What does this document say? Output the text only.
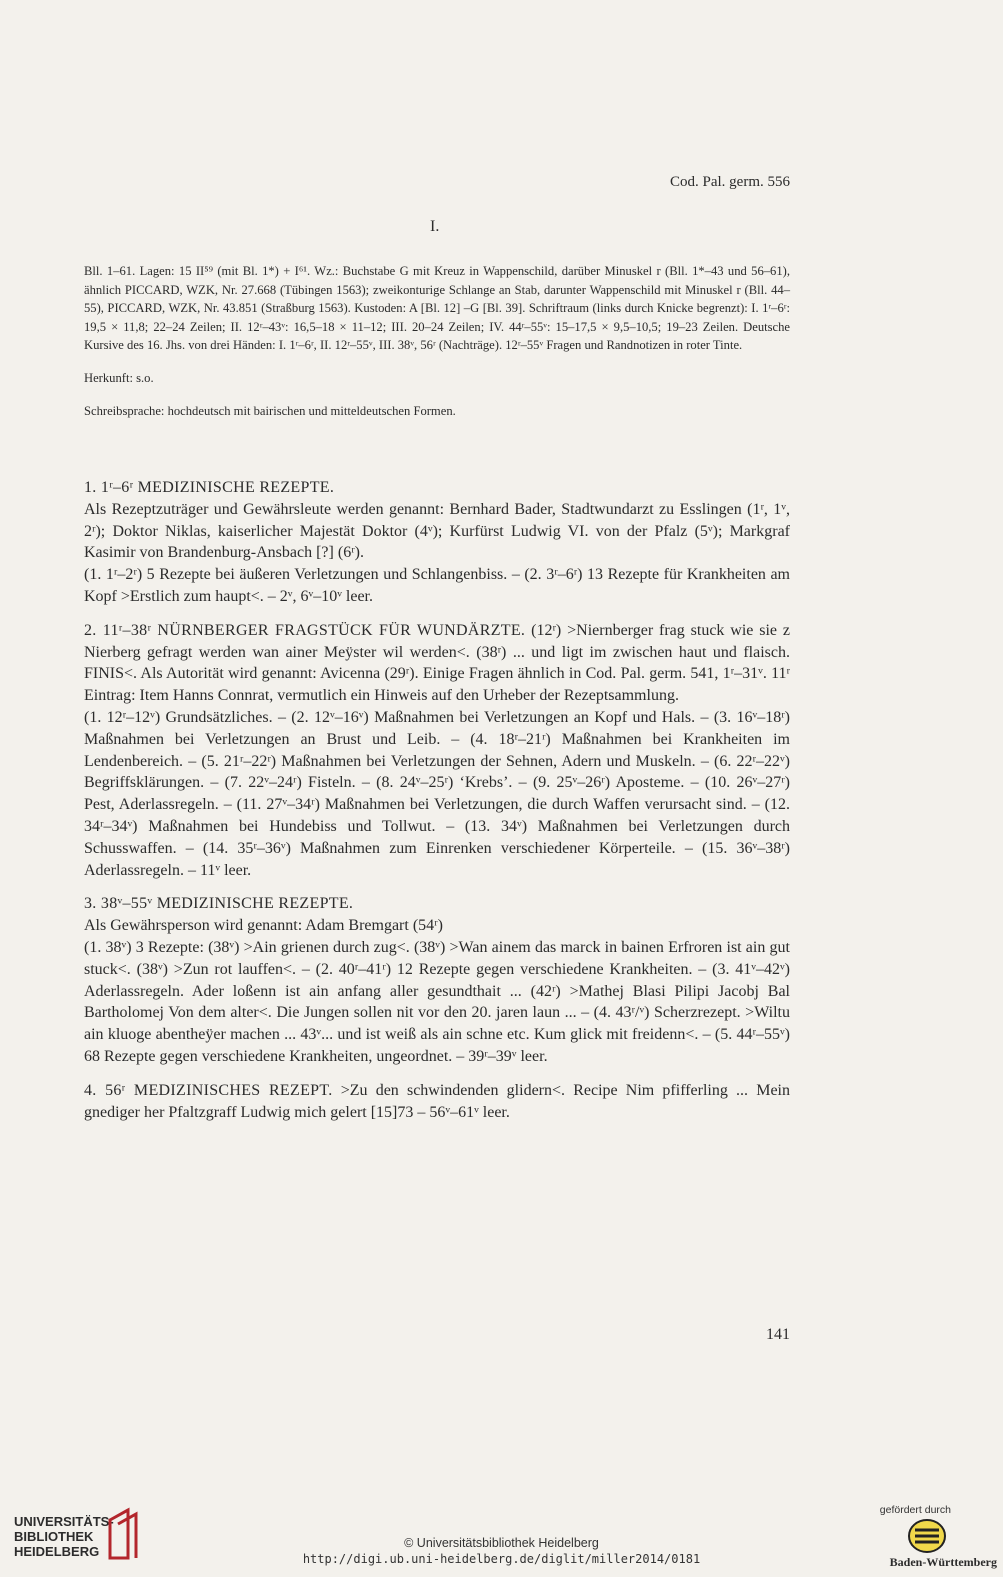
Cod. Pal. germ. 556
I.

Bll. 1–61. Lagen: 15 II⁵⁹ (mit Bl. 1*) + I⁶¹. Wz.: Buchstabe G mit Kreuz in Wappenschild, darüber Minuskel r (Bll. 1*–43 und 56–61), ähnlich PICCARD, WZK, Nr. 27.668 (Tübingen 1563); zweikonturige Schlange an Stab, darunter Wappenschild mit Minuskel r (Bll. 44–55), PICCARD, WZK, Nr. 43.851 (Straßburg 1563). Kustoden: A [Bl. 12] –G [Bl. 39]. Schriftraum (links durch Knicke begrenzt): I. 1ʳ–6ʳ: 19,5 × 11,8; 22–24 Zeilen; II. 12ʳ–43ᵛ: 16,5–18 × 11–12; III. 20–24 Zeilen; IV. 44ʳ–55ᵛ: 15–17,5 × 9,5–10,5; 19–23 Zeilen. Deutsche Kursive des 16. Jhs. von drei Händen: I. 1ʳ–6ʳ, II. 12ʳ–55ᵛ, III. 38ᵛ, 56ʳ (Nachträge). 12ʳ–55ᵛ Fragen und Randnotizen in roter Tinte.

Herkunft: s.o.

Schreibsprache: hochdeutsch mit bairischen und mitteldeutschen Formen.

1. 1ʳ–6ʳ MEDIZINISCHE REZEPTE.

Als Rezeptzuträger und Gewährsleute werden genannt: Bernhard Bader, Stadtwundarzt zu Esslingen (1ʳ, 1ᵛ, 2ʳ); Doktor Niklas, kaiserlicher Majestät Doktor (4ᵛ); Kurfürst Ludwig VI. von der Pfalz (5ᵛ); Markgraf Kasimir von Brandenburg-Ansbach [?] (6ʳ).

(1. 1ʳ–2ʳ) 5 Rezepte bei äußeren Verletzungen und Schlangenbiss. – (2. 3ʳ–6ʳ) 13 Rezepte für Krankheiten am Kopf >Erstlich zum haupt<. – 2ᵛ, 6ᵛ–10ᵛ leer.

2. 11ʳ–38ʳ NÜRNBERGER FRAGSTÜCK FÜR WUNDÄRZTE. (12ʳ) >Niernberger frag stuck wie sie z Nierberg gefragt werden wan ainer Meÿster wil werden<. (38ʳ) ... und ligt im zwischen haut und flaisch. FINIS<. Als Autorität wird genannt: Avicenna (29ʳ). Einige Fragen ähnlich in Cod. Pal. germ. 541, 1ʳ–31ᵛ. 11ʳ Eintrag: Item Hanns Connrat, vermutlich ein Hinweis auf den Urheber der Rezeptsammlung.

(1. 12ʳ–12ᵛ) Grundsätzliches. – (2. 12ᵛ–16ᵛ) Maßnahmen bei Verletzungen an Kopf und Hals. – (3. 16ᵛ–18ʳ) Maßnahmen bei Verletzungen an Brust und Leib. – (4. 18ʳ–21ʳ) Maßnahmen bei Krankheiten im Lendenbereich. – (5. 21ʳ–22ʳ) Maßnahmen bei Verletzungen der Sehnen, Adern und Muskeln. – (6. 22ʳ–22ᵛ) Begriffsklärungen. – (7. 22ᵛ–24ʳ) Fisteln. – (8. 24ᵛ–25ʳ) ‘Krebs’. – (9. 25ᵛ–26ʳ) Aposteme. – (10. 26ᵛ–27ʳ) Pest, Aderlassregeln. – (11. 27ᵛ–34ʳ) Maßnahmen bei Verletzungen, die durch Waffen verursacht sind. – (12. 34ʳ–34ᵛ) Maßnahmen bei Hundebiss und Tollwut. – (13. 34ᵛ) Maßnahmen bei Verletzungen durch Schusswaffen. – (14. 35ʳ–36ᵛ) Maßnahmen zum Einrenken verschiedener Körperteile. – (15. 36ᵛ–38ʳ) Aderlassregeln. – 11ᵛ leer.

3. 38ᵛ–55ᵛ MEDIZINISCHE REZEPTE.

Als Gewährsperson wird genannt: Adam Bremgart (54ʳ)

(1. 38ᵛ) 3 Rezepte: (38ᵛ) >Ain grienen durch zug<. (38ᵛ) >Wan ainem das marck in bainen Erfroren ist ain gut stuck<. (38ᵛ) >Zun rot lauffen<. – (2. 40ʳ–41ʳ) 12 Rezepte gegen verschiedene Krankheiten. – (3. 41ᵛ–42ᵛ) Aderlassregeln. Ader loßenn ist ain anfang aller gesundthait ... (42ʳ) >Mathej Blasi Pilipi Jacobj Bal Bartholomej Von dem alter<. Die Jungen sollen nit vor den 20. jaren laun ... – (4. 43ʳ/ᵛ) Scherzrezept. >Wiltu ain kluoge abentheÿer machen ... 43ᵛ... und ist weiß als ain schne etc. Kum glick mit freidenn<. – (5. 44ʳ–55ᵛ) 68 Rezepte gegen verschiedene Krankheiten, ungeordnet. – 39ʳ–39ᵛ leer.

4. 56ʳ MEDIZINISCHES REZEPT. >Zu den schwindenden glidern<. Recipe Nim pfifferling ... Mein gnediger her Pfaltzgraff Ludwig mich gelert [15]73 – 56ᵛ–61ᵛ leer.

141
UNIVERSITÄTS-
BIBLIOTHEK
HEIDELBERG
© Universitätsbibliothek Heidelberg
http://digi.ub.uni-heidelberg.de/diglit/miller2014/0181
gefördert durch
Baden-Württemberg
